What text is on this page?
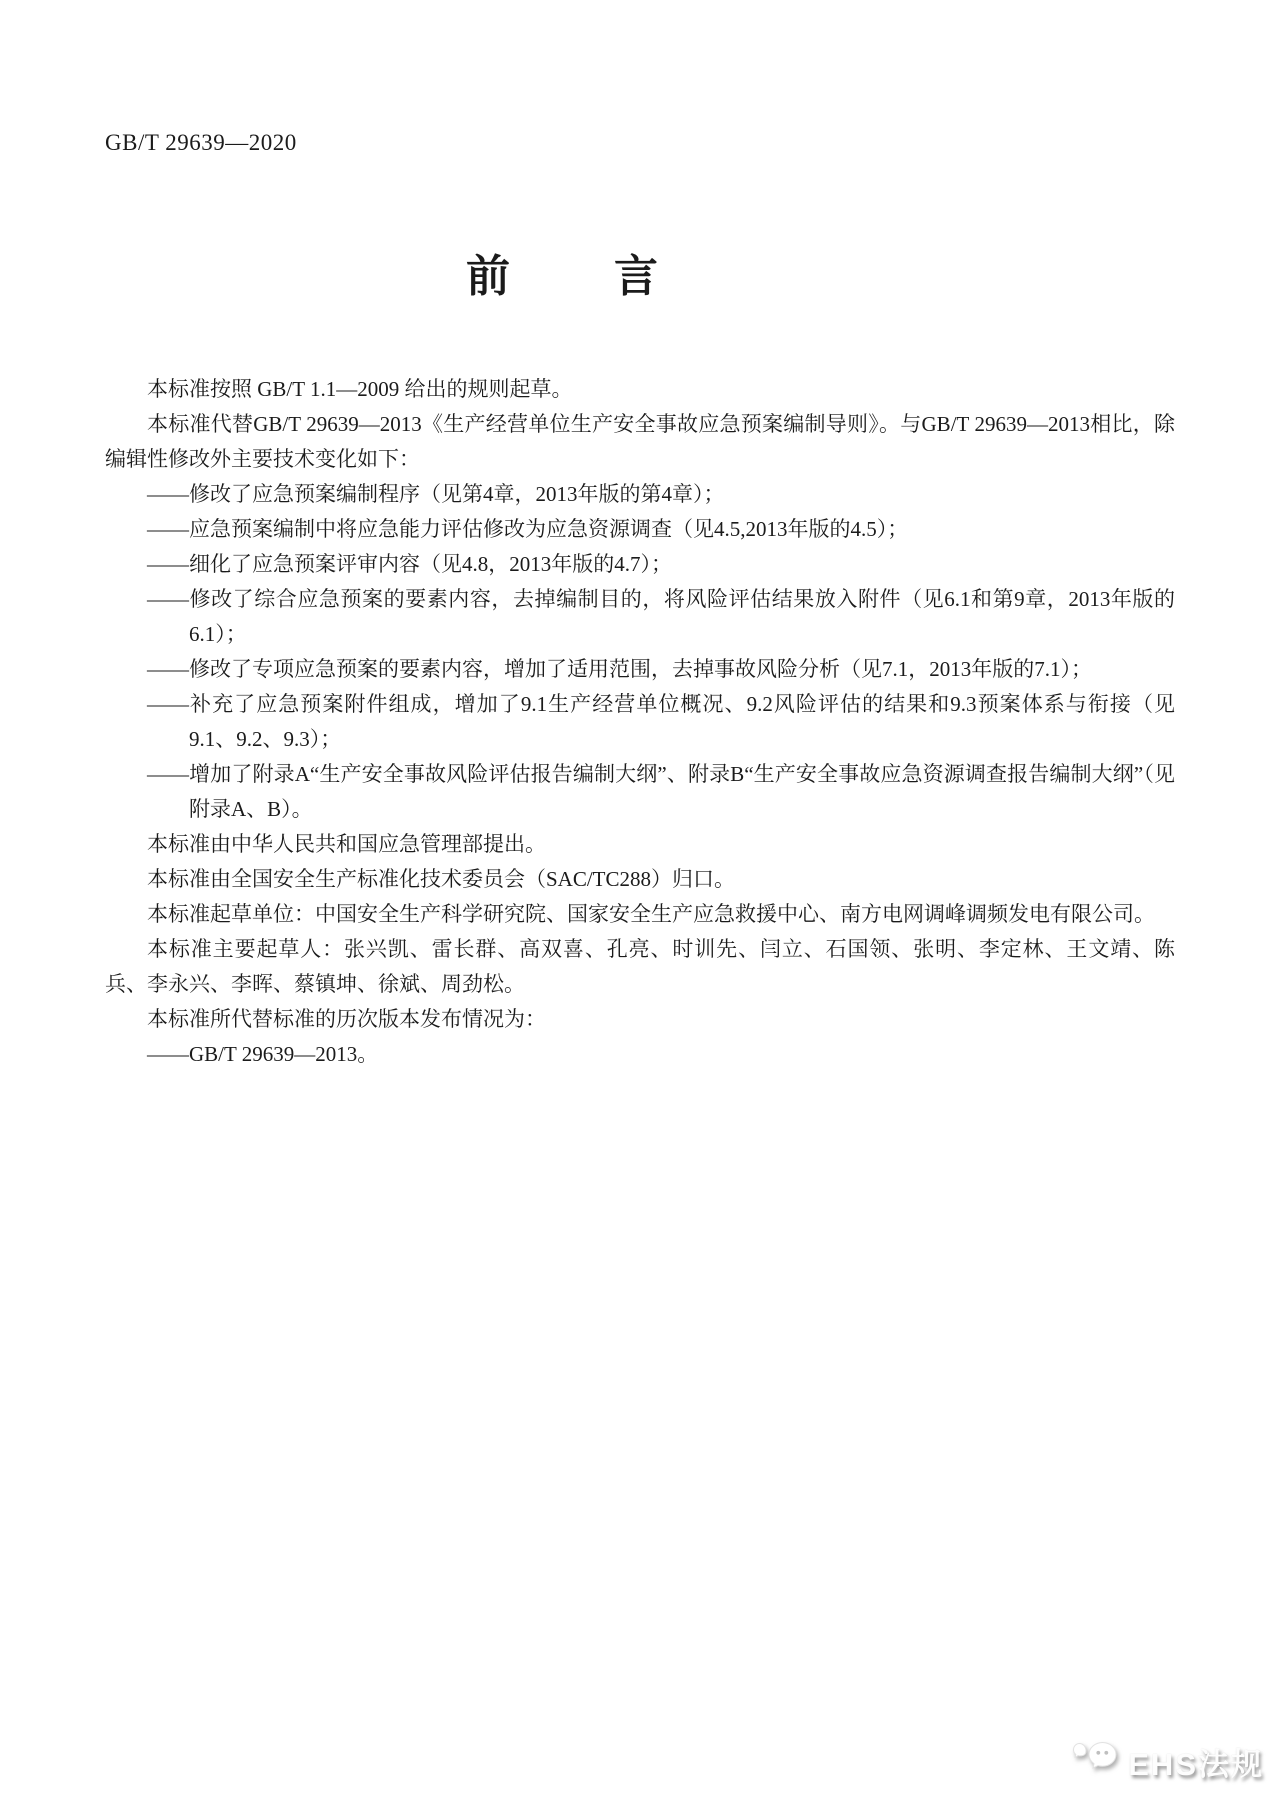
GB/T 29639—2020
前 言

本标准按照 GB/T 1.1—2009 给出的规则起草。

本标准代替GB/T 29639—2013《生产经营单位生产安全事故应急预案编制导则》。与GB/T 29639—2013相比，除编辑性修改外主要技术变化如下：

——修改了应急预案编制程序（见第4章，2013年版的第4章）；

——应急预案编制中将应急能力评估修改为应急资源调查（见4.5,2013年版的4.5）；

——细化了应急预案评审内容（见4.8，2013年版的4.7）；

——修改了综合应急预案的要素内容，去掉编制目的，将风险评估结果放入附件（见6.1和第9章，2013年版的6.1）；

——修改了专项应急预案的要素内容，增加了适用范围，去掉事故风险分析（见7.1，2013年版的7.1）；

——补充了应急预案附件组成，增加了9.1生产经营单位概况、9.2风险评估的结果和9.3预案体系与衔接（见9.1、9.2、9.3）；

——增加了附录A“生产安全事故风险评估报告编制大纲”、附录B“生产安全事故应急资源调查报告编制大纲”（见附录A、B）。

本标准由中华人民共和国应急管理部提出。

本标准由全国安全生产标准化技术委员会（SAC/TC288）归口。

本标准起草单位：中国安全生产科学研究院、国家安全生产应急救援中心、南方电网调峰调频发电有限公司。

本标准主要起草人：张兴凯、雷长群、高双喜、孔亮、时训先、闫立、石国领、张明、李定林、王文靖、陈兵、李永兴、李晖、蔡镇坤、徐斌、周劲松。

本标准所代替标准的历次版本发布情况为：

——GB/T 29639—2013。

EHS法规
